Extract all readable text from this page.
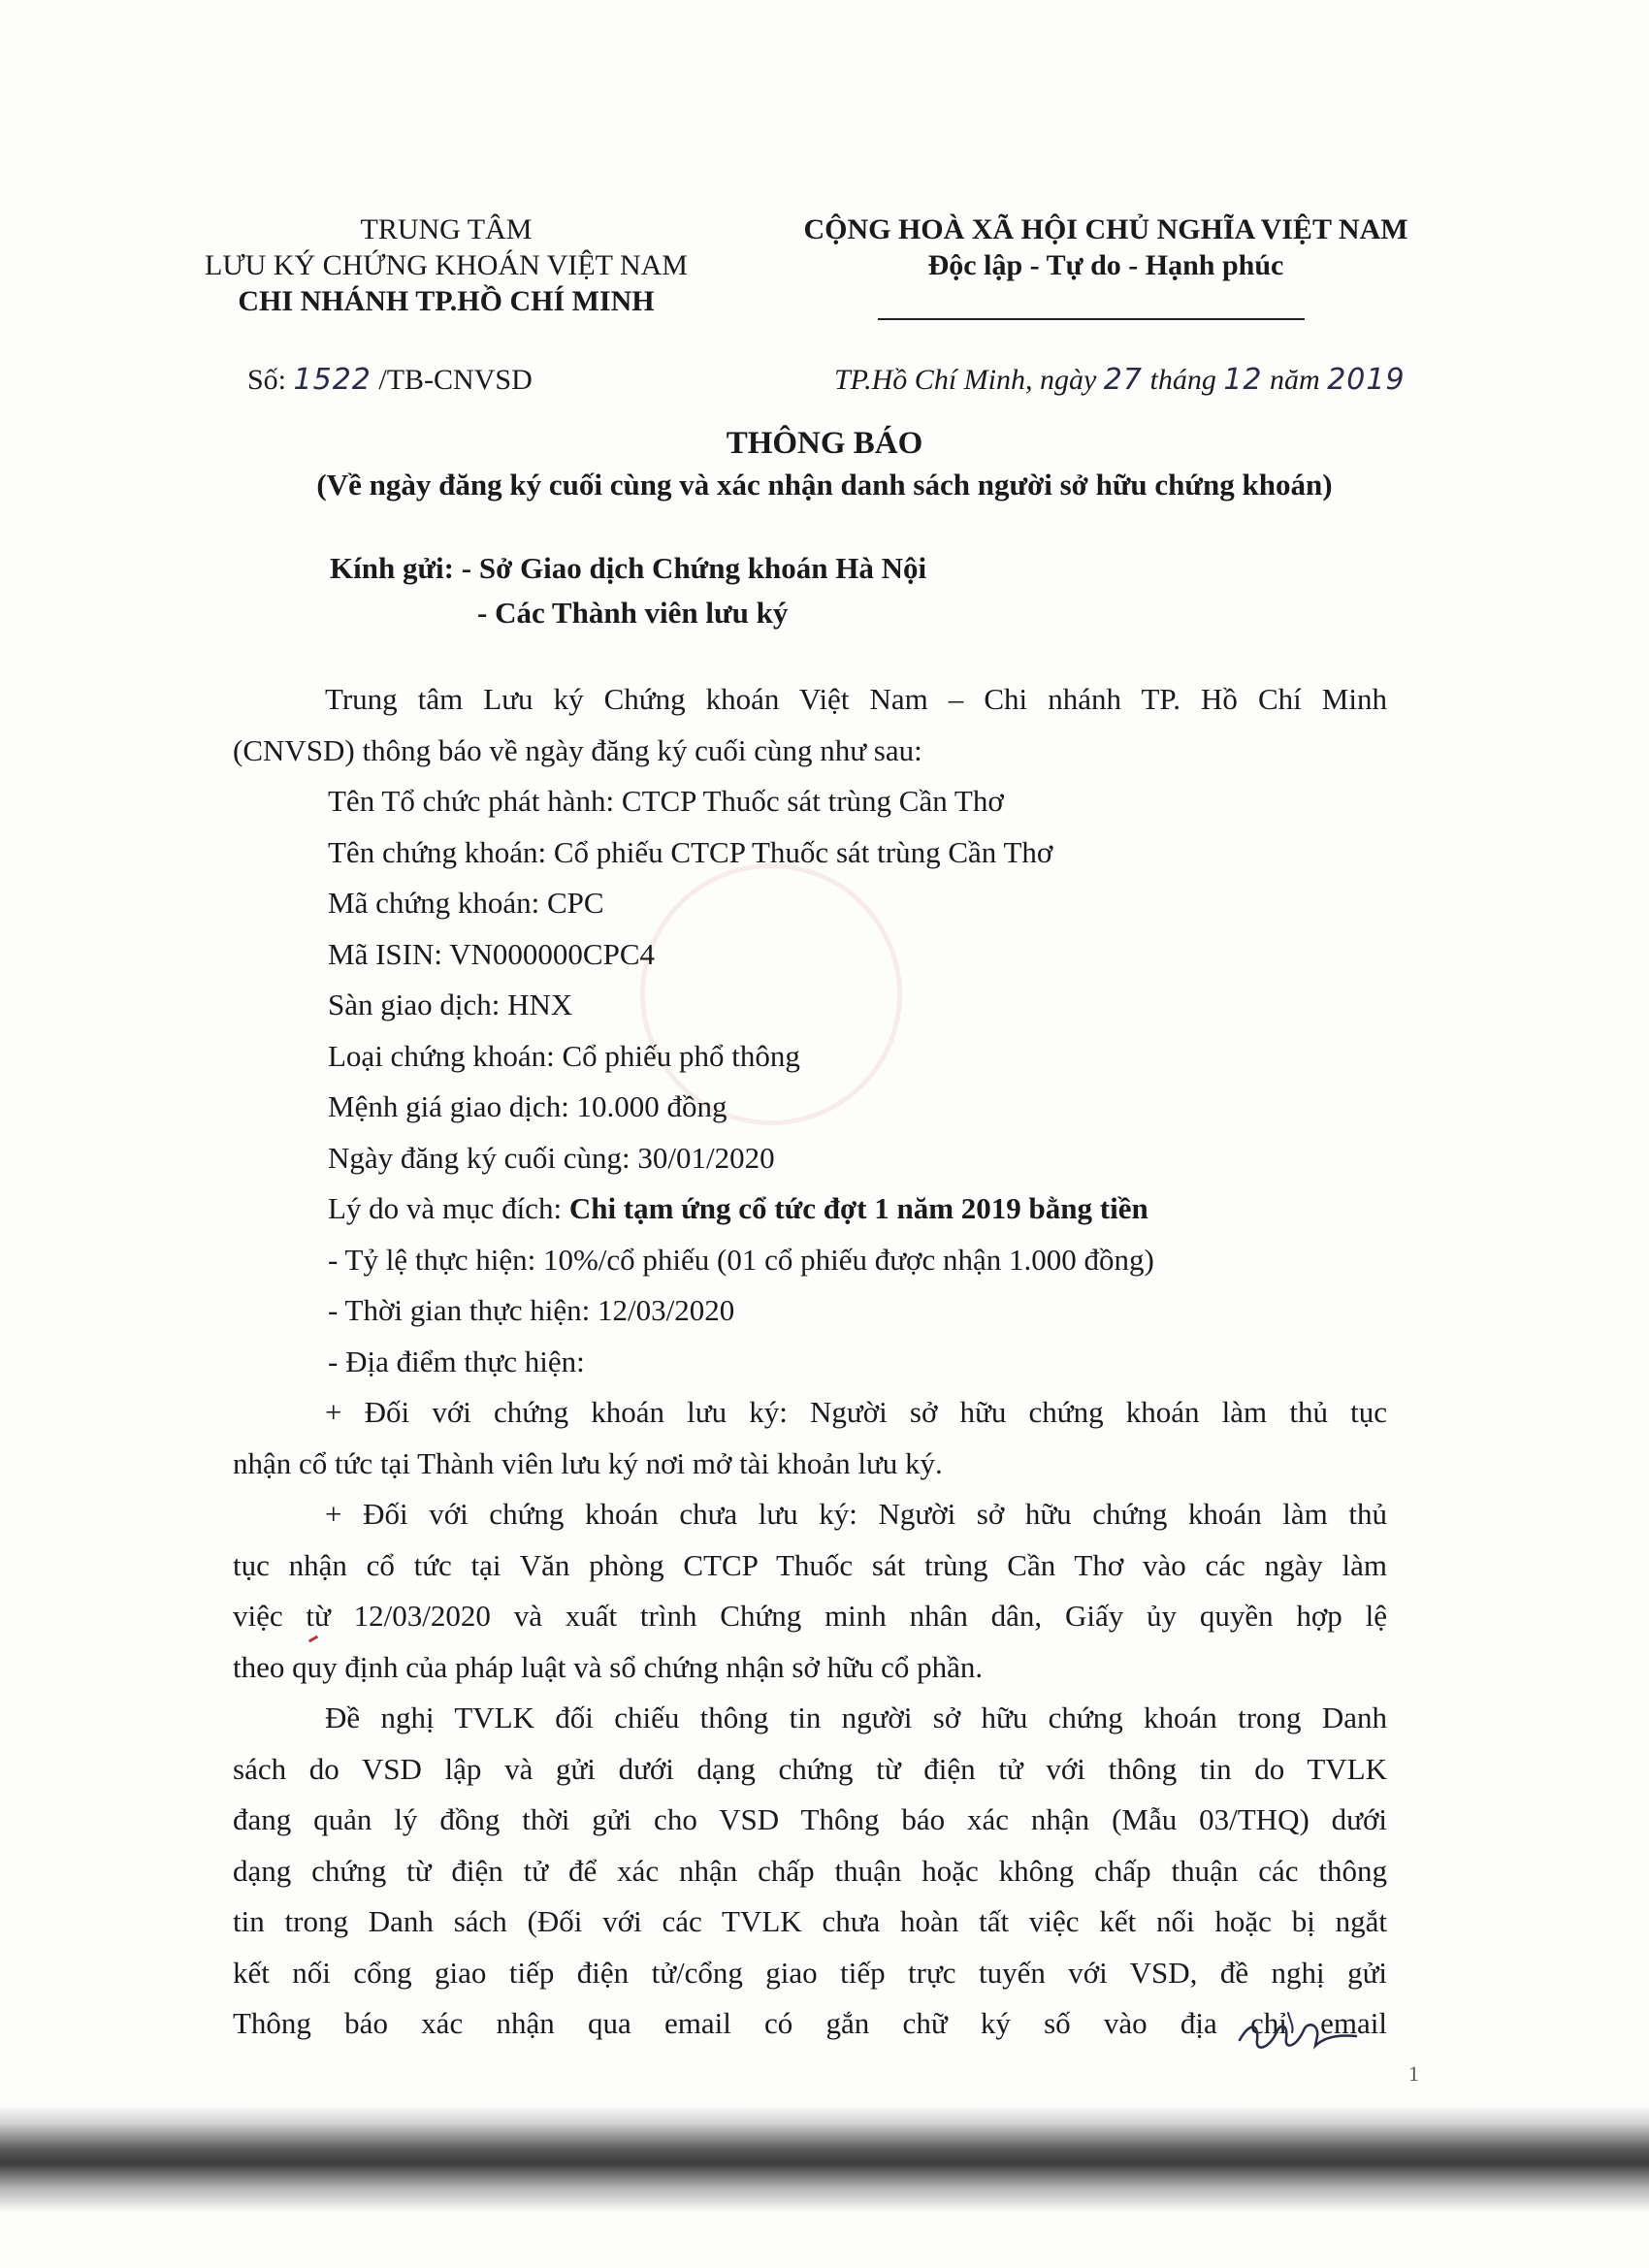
TRUNG TÂM
LƯU KÝ CHỨNG KHOÁN VIỆT NAM
CHI NHÁNH TP.HỒ CHÍ MINH
CỘNG HOÀ XÃ HỘI CHỦ NGHĨA VIỆT NAM
Độc lập - Tự do - Hạnh phúc
Số: 1522 /TB-CNVSD	TP.Hồ Chí Minh, ngày 27 tháng 12 năm 2019
THÔNG BÁO
(Về ngày đăng ký cuối cùng và xác nhận danh sách người sở hữu chứng khoán)
Kính gửi: - Sở Giao dịch Chứng khoán Hà Nội
- Các Thành viên lưu ký
Trung tâm Lưu ký Chứng khoán Việt Nam – Chi nhánh TP. Hồ Chí Minh
(CNVSD) thông báo về ngày đăng ký cuối cùng như sau:
Tên Tổ chức phát hành: CTCP Thuốc sát trùng Cần Thơ
Tên chứng khoán: Cổ phiếu CTCP Thuốc sát trùng Cần Thơ
Mã chứng khoán: CPC
Mã ISIN: VN000000CPC4
Sàn giao dịch: HNX
Loại chứng khoán: Cổ phiếu phổ thông
Mệnh giá giao dịch: 10.000 đồng
Ngày đăng ký cuối cùng: 30/01/2020
Lý do và mục đích: Chi tạm ứng cổ tức đợt 1 năm 2019 bằng tiền
- Tỷ lệ thực hiện: 10%/cổ phiếu (01 cổ phiếu được nhận 1.000 đồng)
- Thời gian thực hiện: 12/03/2020
- Địa điểm thực hiện:
+ Đối với chứng khoán lưu ký: Người sở hữu chứng khoán làm thủ tục
nhận cổ tức tại Thành viên lưu ký nơi mở tài khoản lưu ký.
+ Đối với chứng khoán chưa lưu ký: Người sở hữu chứng khoán làm thủ
tục nhận cổ tức tại Văn phòng CTCP Thuốc sát trùng Cần Thơ vào các ngày làm
việc từ 12/03/2020 và xuất trình Chứng minh nhân dân, Giấy ủy quyền hợp lệ
theo quy định của pháp luật và sổ chứng nhận sở hữu cổ phần.
Đề nghị TVLK đối chiếu thông tin người sở hữu chứng khoán trong Danh
sách do VSD lập và gửi dưới dạng chứng từ điện tử với thông tin do TVLK
đang quản lý đồng thời gửi cho VSD Thông báo xác nhận (Mẫu 03/THQ) dưới
dạng chứng từ điện tử để xác nhận chấp thuận hoặc không chấp thuận các thông
tin trong Danh sách (Đối với các TVLK chưa hoàn tất việc kết nối hoặc bị ngắt
kết nối cổng giao tiếp điện tử/cổng giao tiếp trực tuyến với VSD, đề nghị gửi
Thông báo xác nhận qua email có gắn chữ ký số vào địa chỉ email
1
